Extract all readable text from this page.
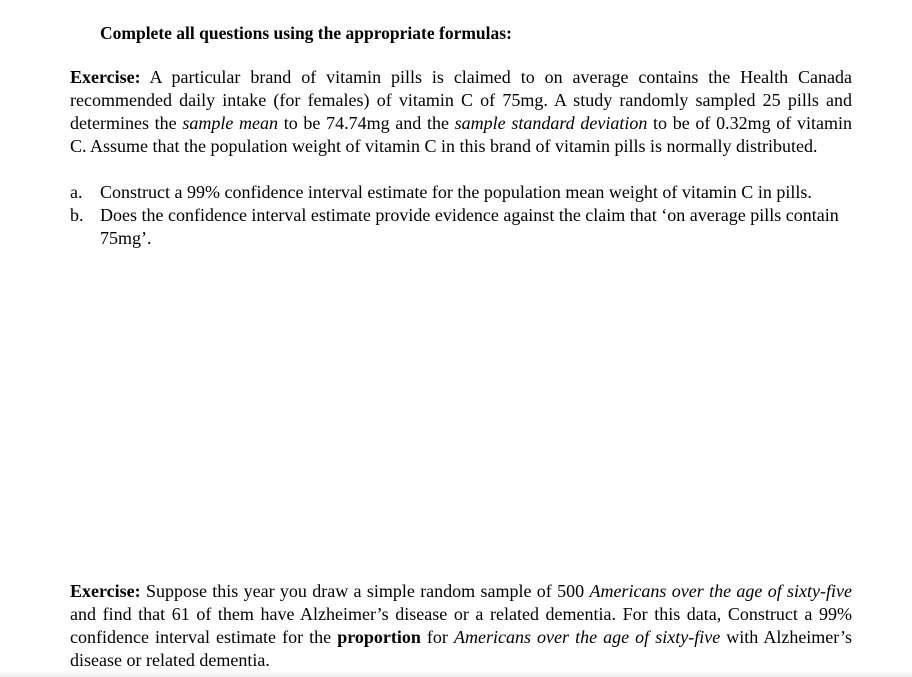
Complete all questions using the appropriate formulas:
Exercise: A particular brand of vitamin pills is claimed to on average contains the Health Canada recommended daily intake (for females) of vitamin C of 75mg. A study randomly sampled 25 pills and determines the sample mean to be 74.74mg and the sample standard deviation to be of 0.32mg of vitamin C. Assume that the population weight of vitamin C in this brand of vitamin pills is normally distributed.
a. Construct a 99% confidence interval estimate for the population mean weight of vitamin C in pills.
b. Does the confidence interval estimate provide evidence against the claim that ‘on average pills contain 75mg’.
Exercise: Suppose this year you draw a simple random sample of 500 Americans over the age of sixty-five and find that 61 of them have Alzheimer’s disease or a related dementia. For this data, Construct a 99% confidence interval estimate for the proportion for Americans over the age of sixty-five with Alzheimer’s disease or related dementia.
